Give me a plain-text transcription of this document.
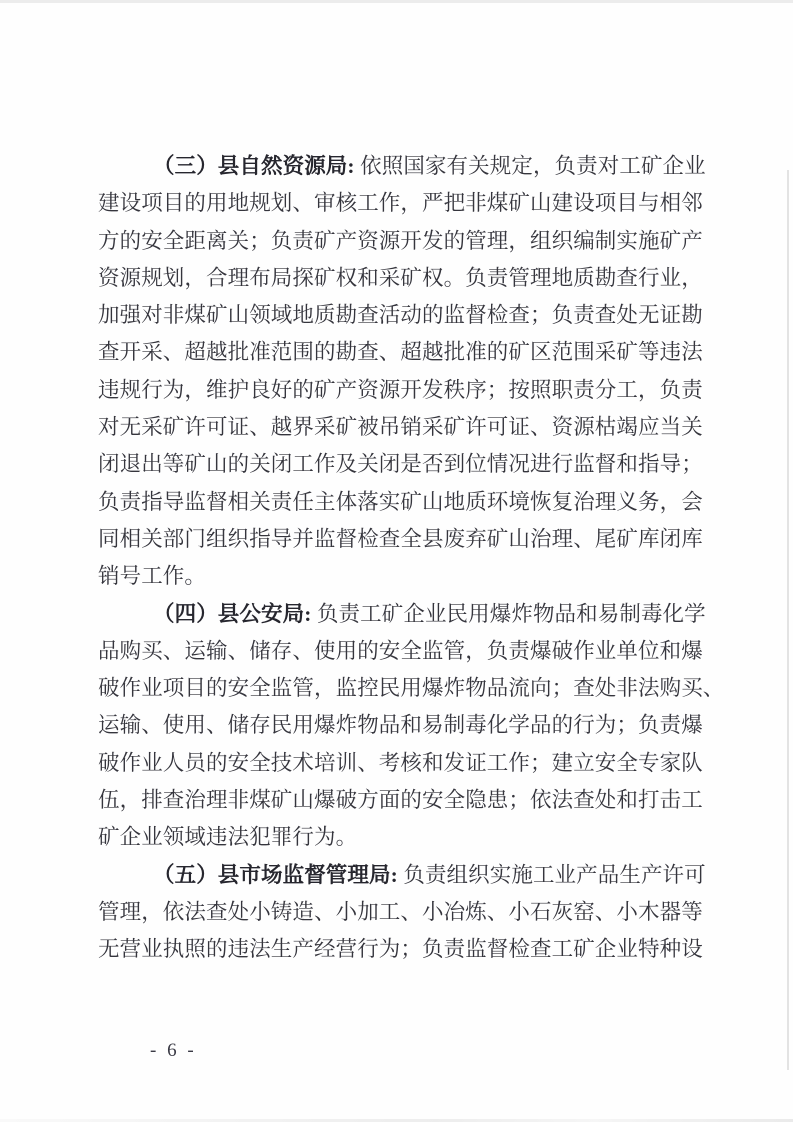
（三）县自然资源局: 依照国家有关规定，负责对工矿企业
建设项目的用地规划、审核工作，严把非煤矿山建设项目与相邻
方的安全距离关；负责矿产资源开发的管理，组织编制实施矿产
资源规划，合理布局探矿权和采矿权。负责管理地质勘查行业，
加强对非煤矿山领域地质勘查活动的监督检查；负责查处无证勘
查开采、超越批准范围的勘查、超越批准的矿区范围采矿等违法
违规行为，维护良好的矿产资源开发秩序；按照职责分工，负责
对无采矿许可证、越界采矿被吊销采矿许可证、资源枯竭应当关
闭退出等矿山的关闭工作及关闭是否到位情况进行监督和指导；
负责指导监督相关责任主体落实矿山地质环境恢复治理义务，会
同相关部门组织指导并监督检查全县废弃矿山治理、尾矿库闭库
销号工作。
（四）县公安局: 负责工矿企业民用爆炸物品和易制毒化学
品购买、运输、储存、使用的安全监管，负责爆破作业单位和爆
破作业项目的安全监管，监控民用爆炸物品流向；查处非法购买、
运输、使用、储存民用爆炸物品和易制毒化学品的行为；负责爆
破作业人员的安全技术培训、考核和发证工作；建立安全专家队
伍，排查治理非煤矿山爆破方面的安全隐患；依法查处和打击工
矿企业领域违法犯罪行为。
（五）县市场监督管理局: 负责组织实施工业产品生产许可
管理，依法查处小铸造、小加工、小冶炼、小石灰窑、小木器等
无营业执照的违法生产经营行为；负责监督检查工矿企业特种设
- 6 -
